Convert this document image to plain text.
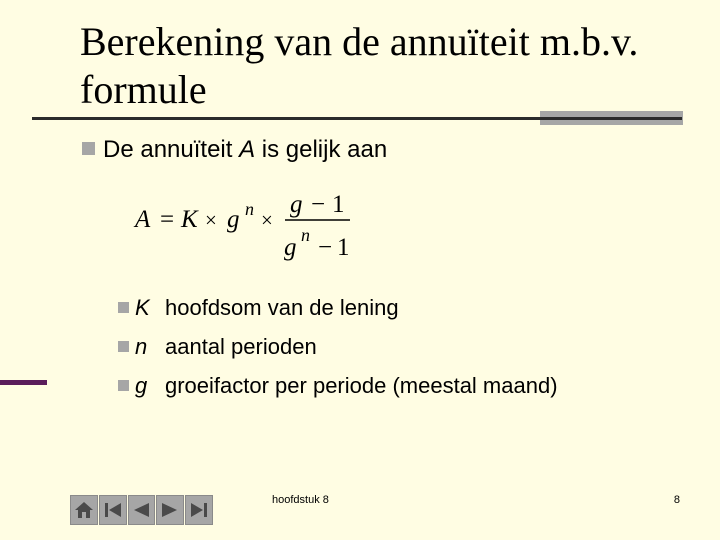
Berekening van de annuïteit m.b.v. formule
De annuïteit A is gelijk aan
A = K × g n ×
g − 1
g n − 1
K hoofdsom van de lening
n aantal perioden
g groeifactor per periode (meestal maand)
hoofdstuk 8	8
